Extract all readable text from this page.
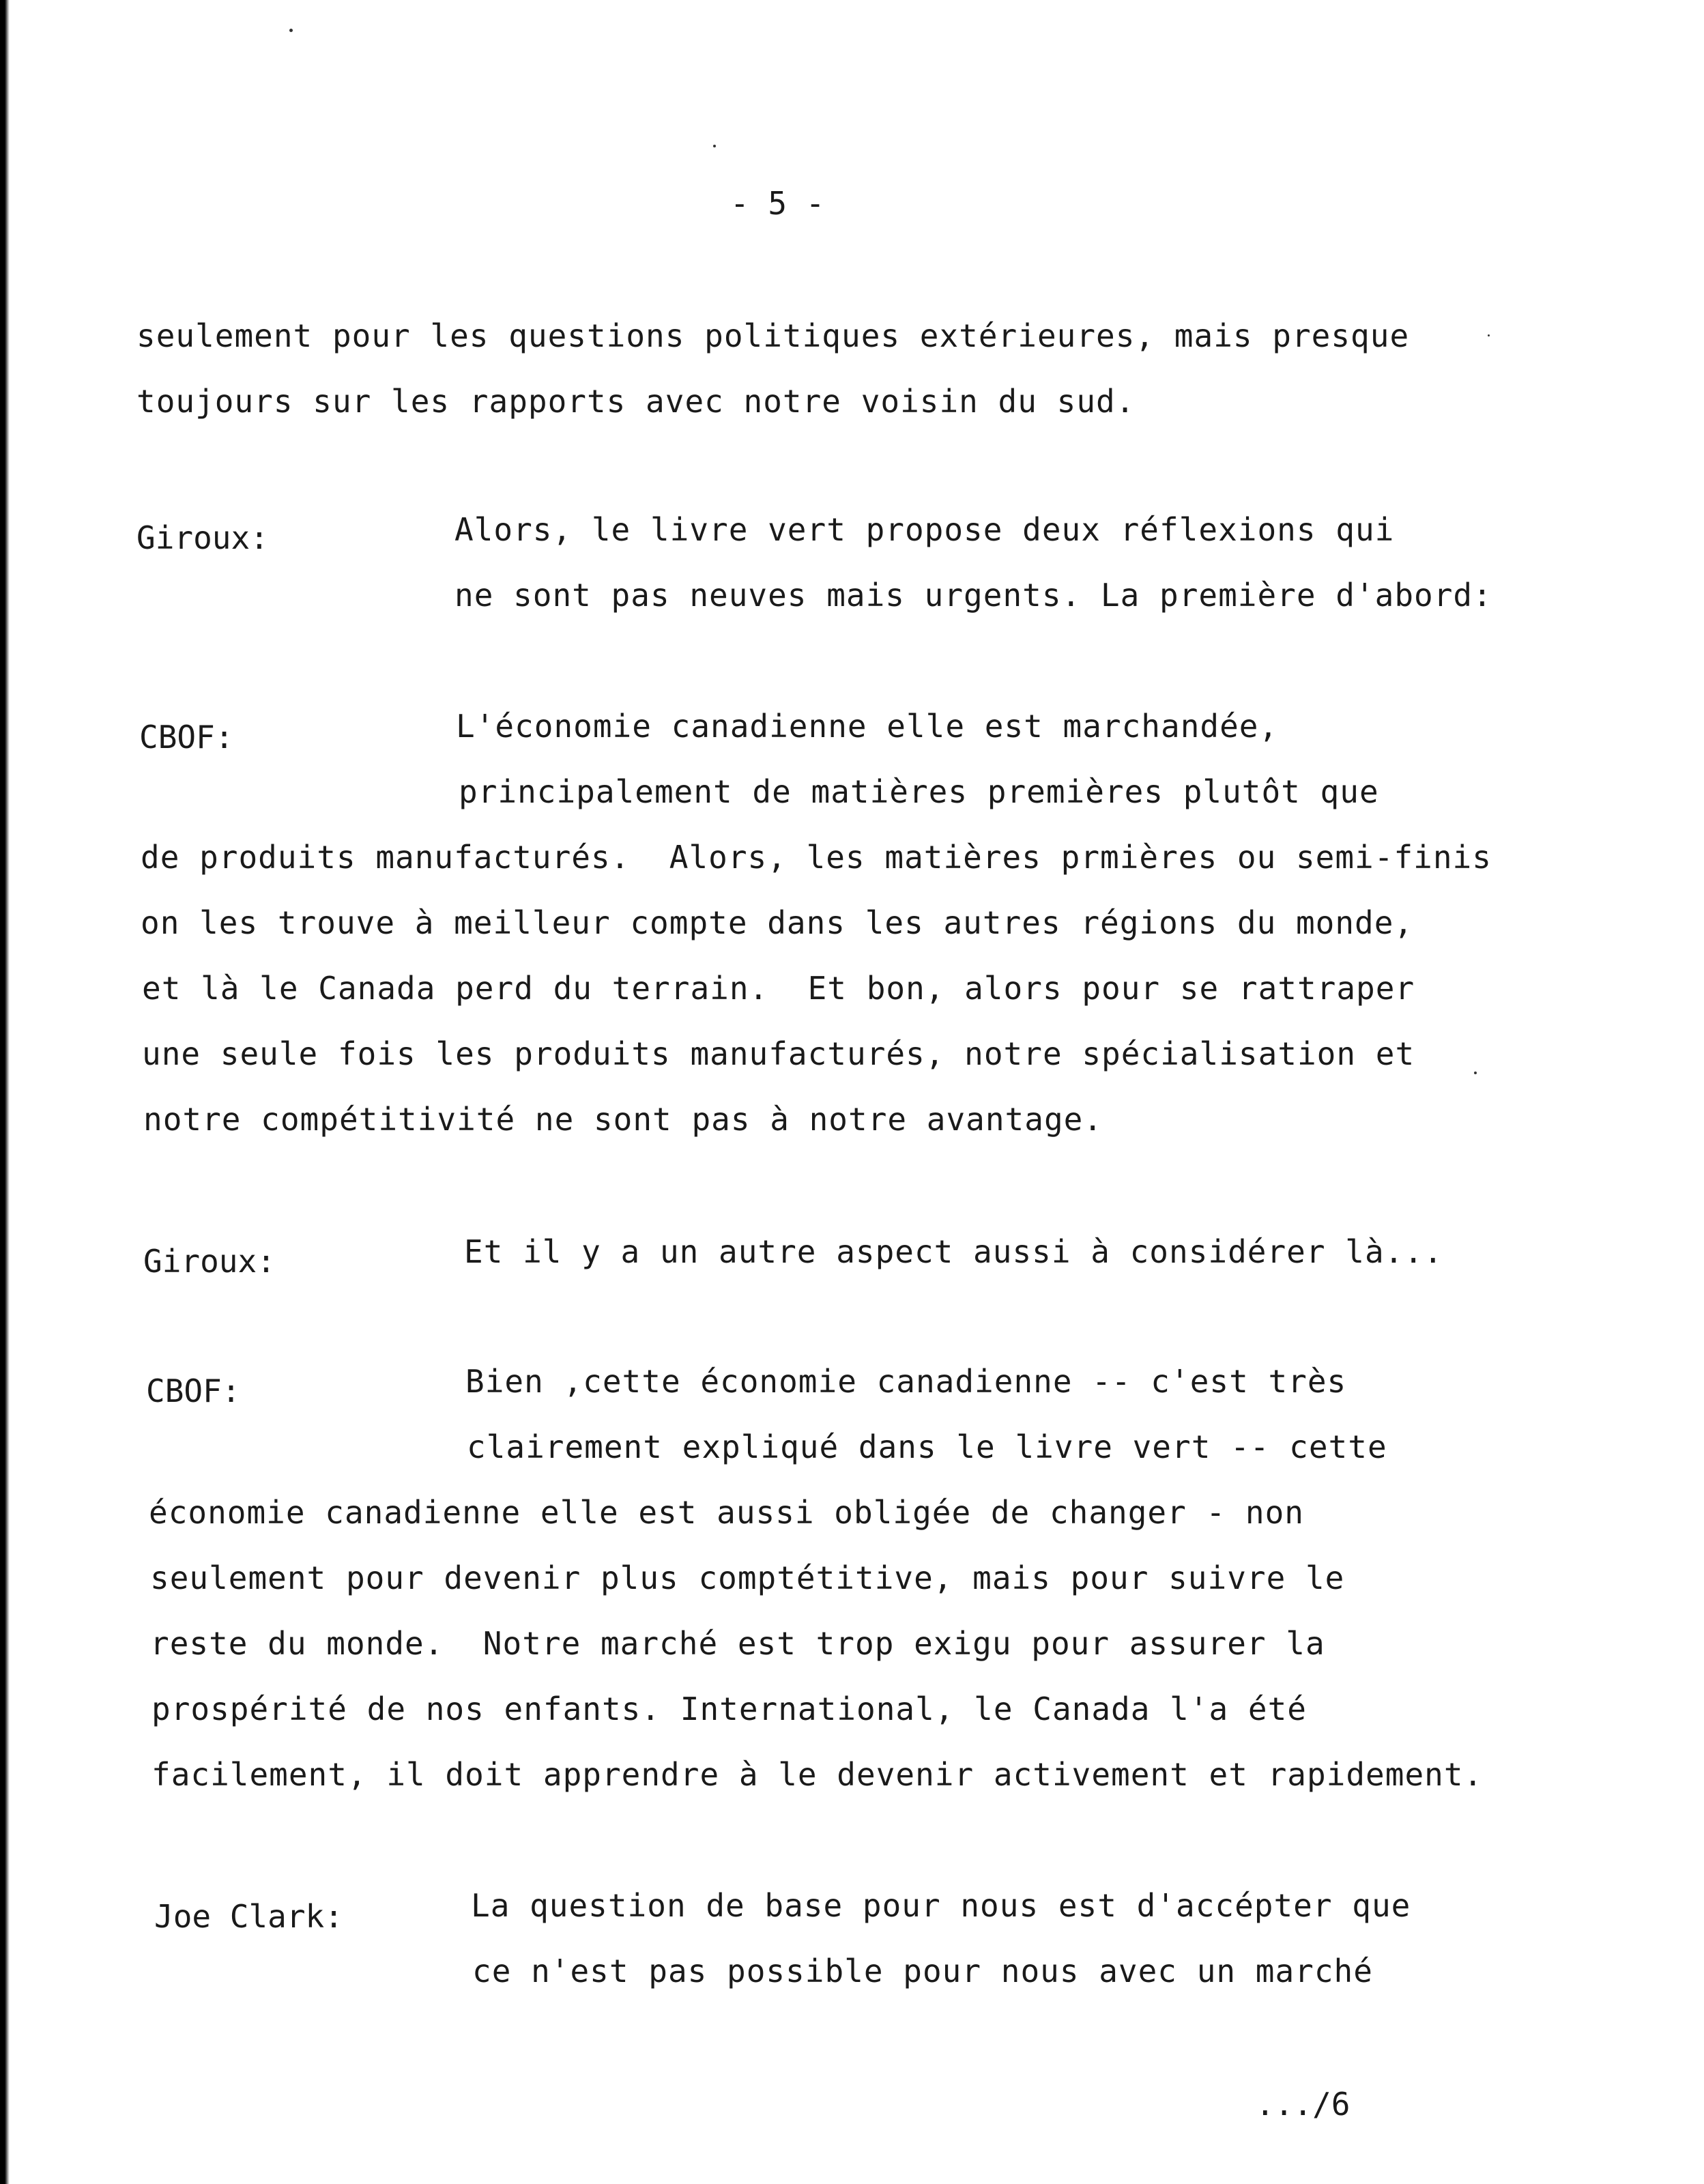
- 5 -
seulement pour les questions politiques extérieures, mais presque
toujours sur les rapports avec notre voisin du sud.
Giroux:	Alors, le livre vert propose deux réflexions qui
ne sont pas neuves mais urgents. La première d'abord:
CBOF:	L'économie canadienne elle est marchandée,
principalement de matières premières plutôt que
de produits manufacturés.  Alors, les matières prmières ou semi-finis
on les trouve à meilleur compte dans les autres régions du monde,
et là le Canada perd du terrain.  Et bon, alors pour se rattraper
une seule fois les produits manufacturés, notre spécialisation et
notre compétitivité ne sont pas à notre avantage.
Giroux:	Et il y a un autre aspect aussi à considérer là...
CBOF:	Bien ,cette économie canadienne -- c'est très
clairement expliqué dans le livre vert -- cette
économie canadienne elle est aussi obligée de changer - non
seulement pour devenir plus comptétitive, mais pour suivre le
reste du monde.  Notre marché est trop exigu pour assurer la
prospérité de nos enfants. International, le Canada l'a été
facilement, il doit apprendre à le devenir activement et rapidement.
Joe Clark:	La question de base pour nous est d'accépter que
ce n'est pas possible pour nous avec un marché
.../6
